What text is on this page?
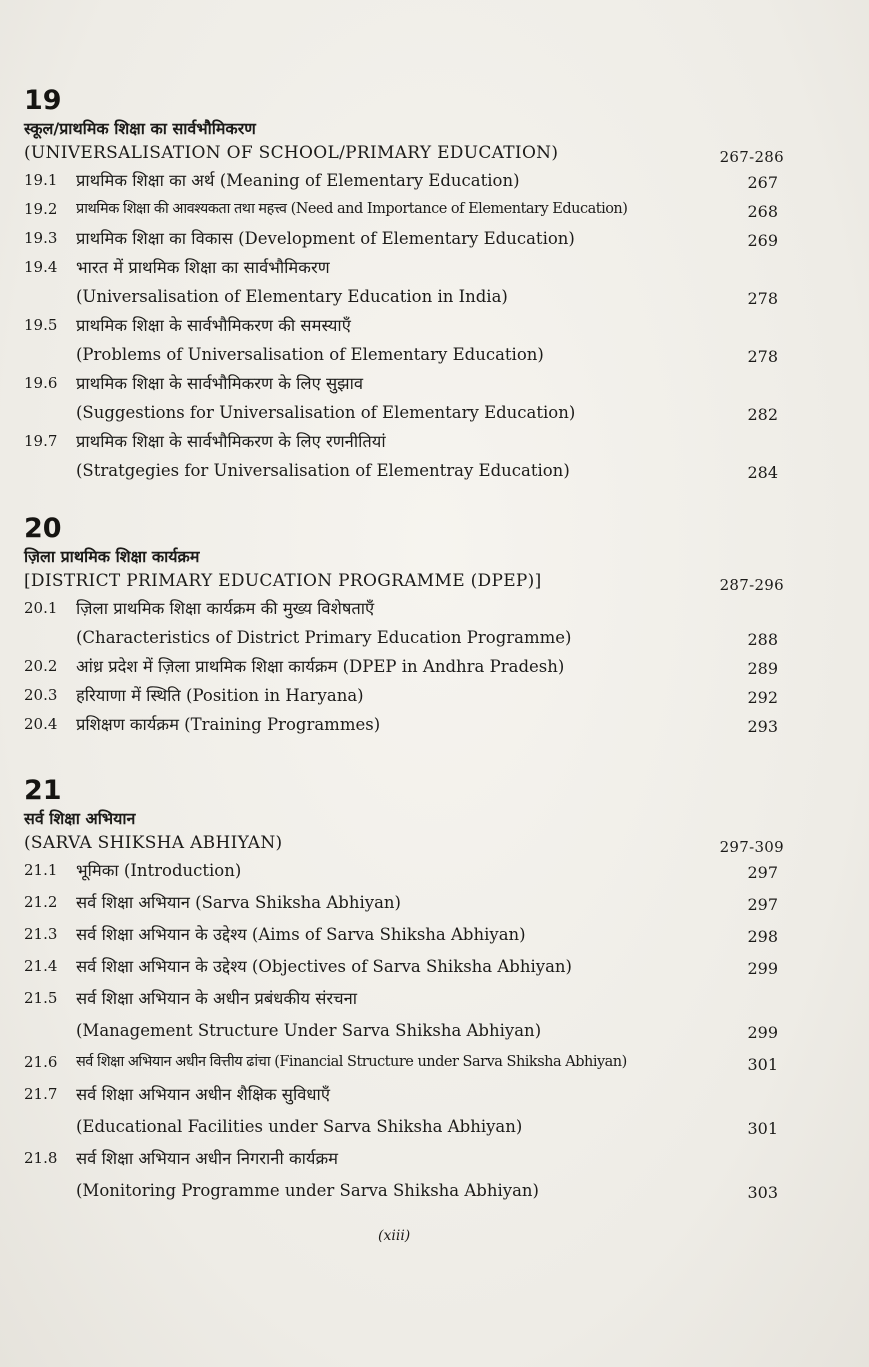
19
स्कूल/प्राथमिक शिक्षा का सार्वभौमिकरण
(UNIVERSALISATION OF SCHOOL/PRIMARY EDUCATION)	267-286
19.1	प्राथमिक शिक्षा का अर्थ (Meaning of Elementary Education)	267
19.2	प्राथमिक शिक्षा की आवश्यकता तथा महत्त्व (Need and Importance of Elementary Education)	268
19.3	प्राथमिक शिक्षा का विकास (Development of Elementary Education)	269
19.4	भारत में प्राथमिक शिक्षा का सार्वभौमिकरण
(Universalisation of Elementary Education in India)	278
19.5	प्राथमिक शिक्षा के सार्वभौमिकरण की समस्याएँ
(Problems of Universalisation of Elementary Education)	278
19.6	प्राथमिक शिक्षा के सार्वभौमिकरण के लिए सुझाव
(Suggestions for Universalisation of Elementary Education)	282
19.7	प्राथमिक शिक्षा के सार्वभौमिकरण के लिए रणनीतियां
(Stratgegies for Universalisation of Elementray Education)	284
20
ज़िला प्राथमिक शिक्षा कार्यक्रम
[DISTRICT PRIMARY EDUCATION PROGRAMME (DPEP)]	287-296
20.1	ज़िला प्राथमिक शिक्षा कार्यक्रम की मुख्य विशेषताएँ
(Characteristics of District Primary Education Programme)	288
20.2	आंध्र प्रदेश में ज़िला प्राथमिक शिक्षा कार्यक्रम (DPEP in Andhra Pradesh)	289
20.3	हरियाणा में स्थिति (Position in Haryana)	292
20.4	प्रशिक्षण कार्यक्रम (Training Programmes)	293
21
सर्व शिक्षा अभियान
(SARVA SHIKSHA ABHIYAN)	297-309
21.1	भूमिका (Introduction)	297
21.2	सर्व शिक्षा अभियान (Sarva Shiksha Abhiyan)	297
21.3	सर्व शिक्षा अभियान के उद्देश्य (Aims of Sarva Shiksha Abhiyan)	298
21.4	सर्व शिक्षा अभियान के उद्देश्य (Objectives of Sarva Shiksha Abhiyan)	299
21.5	सर्व शिक्षा अभियान के अधीन प्रबंधकीय संरचना
(Management Structure Under Sarva Shiksha Abhiyan)	299
21.6	सर्व शिक्षा अभियान अधीन वित्तीय ढांचा (Financial Structure under Sarva Shiksha Abhiyan)	301
21.7	सर्व शिक्षा अभियान अधीन शैक्षिक सुविधाएँ
(Educational Facilities under Sarva Shiksha Abhiyan)	301
21.8	सर्व शिक्षा अभियान अधीन निगरानी कार्यक्रम
(Monitoring Programme under Sarva Shiksha Abhiyan)	303
(xiii)
